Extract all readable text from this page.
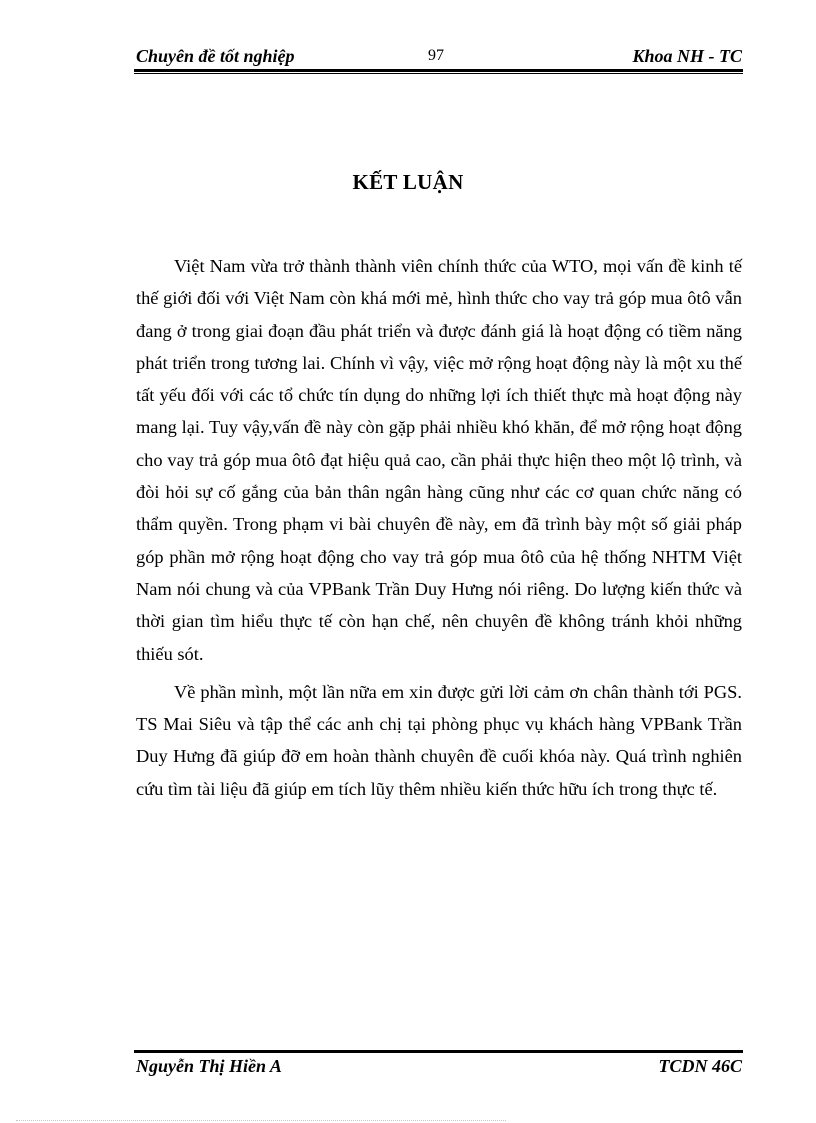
Chuyên đề tốt nghiệp	97	Khoa NH - TC
KẾT LUẬN

Việt Nam vừa trở thành thành viên chính thức của WTO, mọi vấn đề kinh tế thế giới đối với Việt Nam còn khá mới mẻ, hình thức cho vay trả góp mua ôtô vẫn đang ở trong giai đoạn đầu phát triển và được đánh giá là hoạt động có tiềm năng phát triển trong tương lai. Chính vì vậy, việc mở rộng hoạt động này là một xu thế tất yếu đối với các tổ chức tín dụng do những lợi ích thiết thực mà hoạt động này mang lại. Tuy vậy,vấn đề này còn gặp phải nhiều khó khăn, để mở rộng hoạt động cho vay trả góp mua ôtô đạt hiệu quả cao, cần phải thực hiện theo một lộ trình, và đòi hỏi sự cố gắng của bản thân ngân hàng cũng như các cơ quan chức năng có thẩm quyền. Trong phạm vi bài chuyên đề này, em đã trình bày một số giải pháp góp phần mở rộng hoạt động cho vay trả góp mua ôtô của hệ thống NHTM Việt Nam nói chung và của VPBank Trần Duy Hưng nói riêng. Do lượng kiến thức và thời gian tìm hiểu thực tế còn hạn chế, nên chuyên đề không tránh khỏi những thiếu sót.

Về phần mình, một lần nữa em xin được gửi lời cảm ơn chân thành tới PGS. TS Mai Siêu và tập thể các anh chị tại phòng phục vụ khách hàng VPBank Trần Duy Hưng đã giúp đỡ em hoàn thành chuyên đề cuối khóa này. Quá trình nghiên cứu tìm tài liệu đã giúp em tích lũy thêm nhiều kiến thức hữu ích trong thực tế.

Nguyễn Thị Hiền A	TCDN 46C
